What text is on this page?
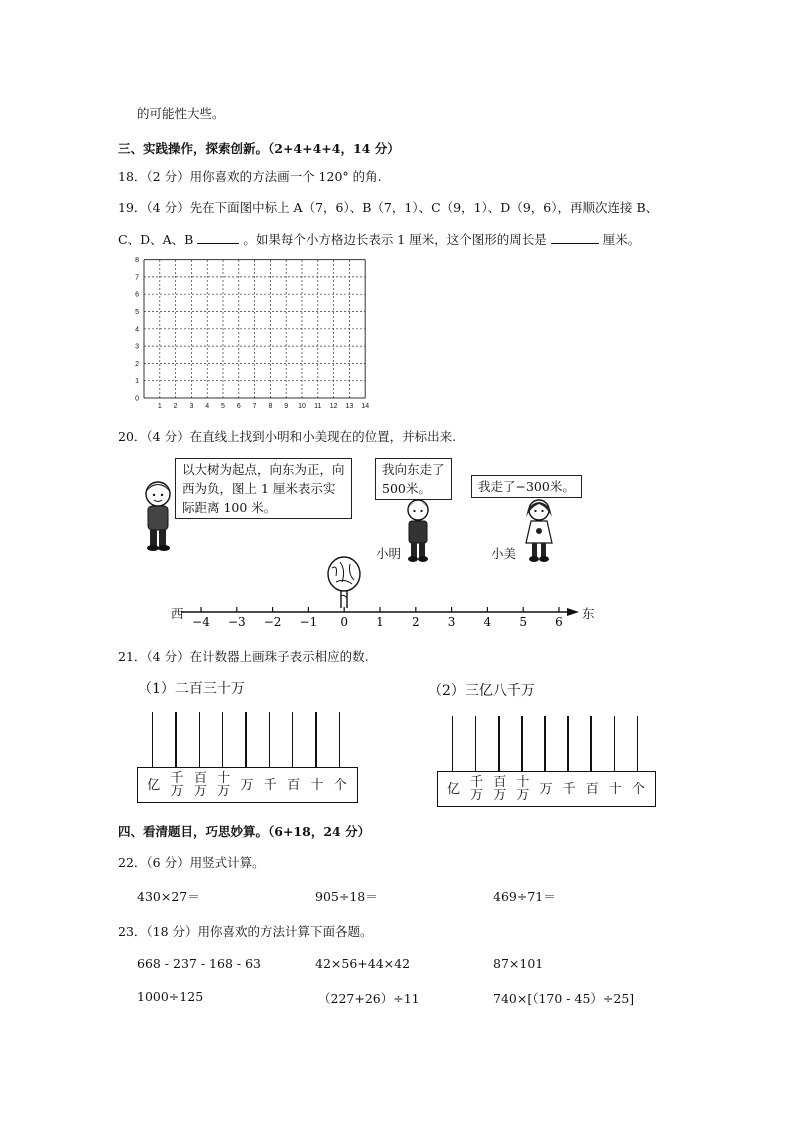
的可能性大些。
三、实践操作，探索创新。（2+4+4+4，14 分）
18．（2 分）用你喜欢的方法画一个 120° 的角.
19．（4 分）先在下面图中标上 A（7，6）、B（7，1）、C（9，1）、D（9，6），再顺次连接 B、
C、D、A、B	。如果每个小方格边长表示 1 厘米，这个图形的周长是	厘米。
1 2 3 4 5 6 7 8 9 10 11 12 13 14
0
1
2
3
4
5
6
7
8
20．（4 分）在直线上找到小明和小美现在的位置，并标出来.
以大树为起点，向东为正，向
西为负，图上 1 厘米表示实
际距离 100 米。
我向东走了
500米。	我走了−300米。
小明	小美
−4 −3 −2 −1 0 1 2 3 4 5 6
西	东
21．（4 分）在计数器上画珠子表示相应的数.
（1）二百三十万	（2）三亿八千万
亿 千
万
百
万
十
万 万 千 百 十 个	亿 千
万
百
万
十
万 万 千 百 十 个
四、看清题目，巧思妙算。（6+18，24 分）
22．（6 分）用竖式计算。
430×27＝	905÷18＝	469÷71＝
23．（18 分）用你喜欢的方法计算下面各题。
668 - 237 - 168 - 63	42×56+44×42	87×101
1000÷125	（227+26）÷11	740×[（170 - 45）÷25]
